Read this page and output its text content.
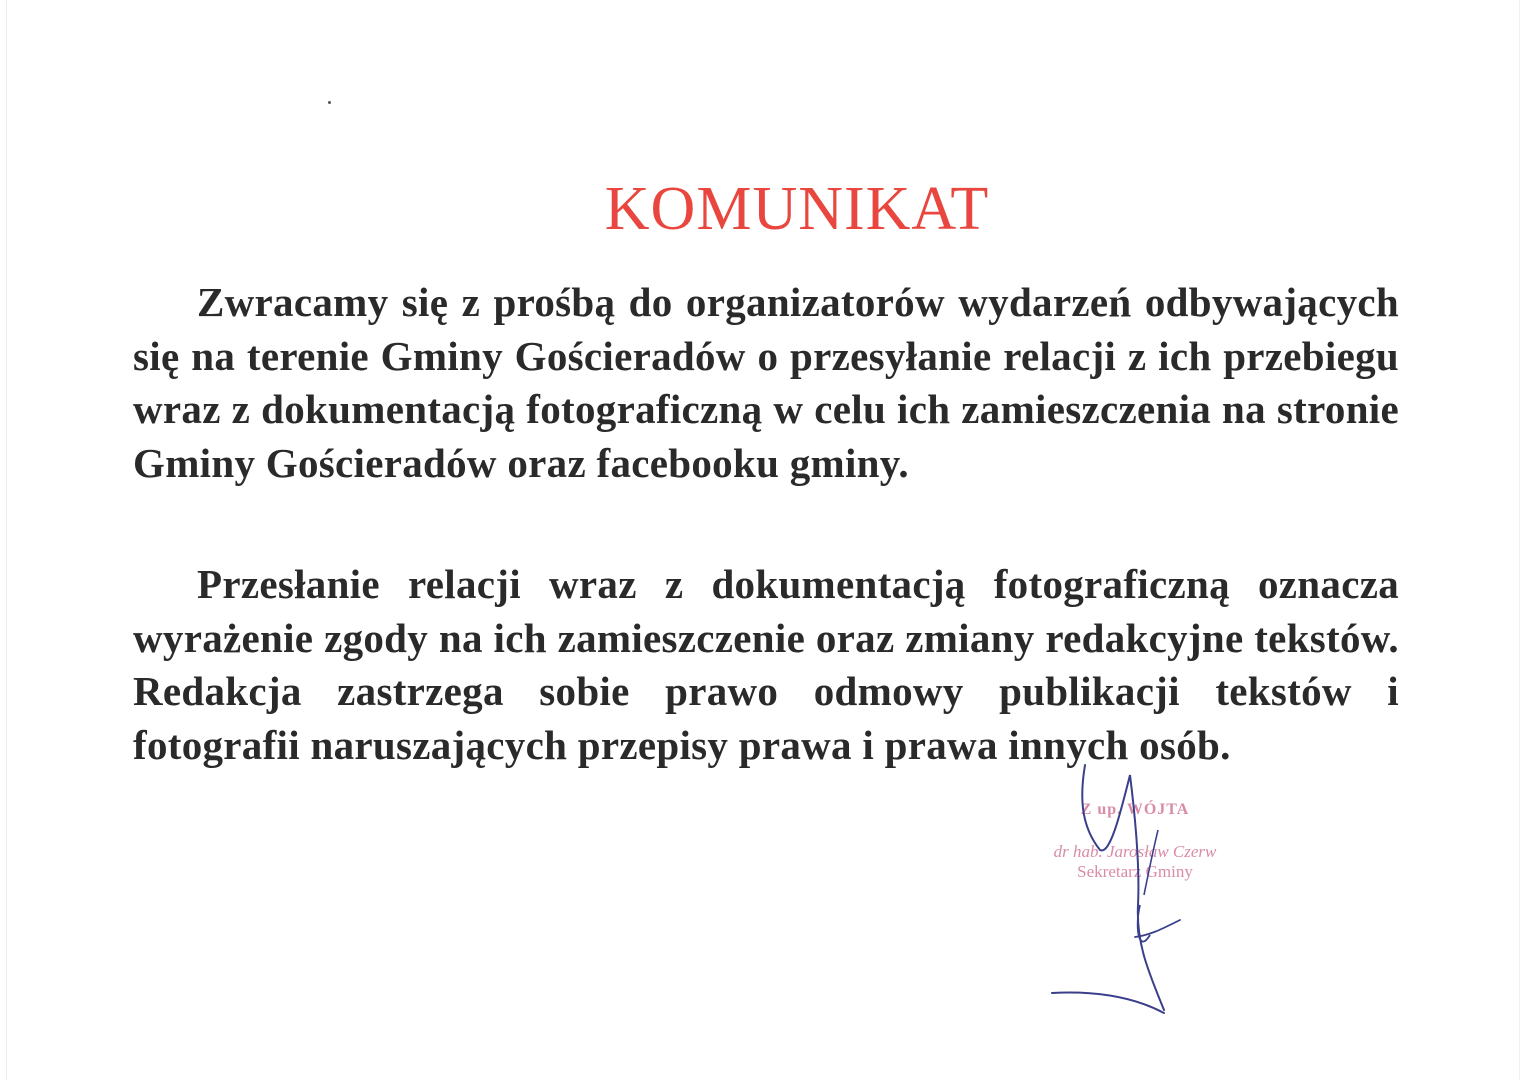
KOMUNIKAT

Zwracamy się z prośbą do organizatorów wydarzeń odbywających się na terenie Gminy Gościeradów o przesyłanie relacji z ich przebiegu wraz z dokumentacją fotograficzną w celu ich zamieszczenia na stronie Gminy Gościeradów oraz facebooku gminy.

Przesłanie relacji wraz z dokumentacją fotograficzną oznacza wyrażenie zgody na ich zamieszczenie oraz zmiany redakcyjne tekstów. Redakcja zastrzega sobie prawo odmowy publikacji tekstów i fotografii naruszających przepisy prawa i prawa innych osób.

Z up. WÓJTA
dr hab. Jarosław Czerw
Sekretarz Gminy
